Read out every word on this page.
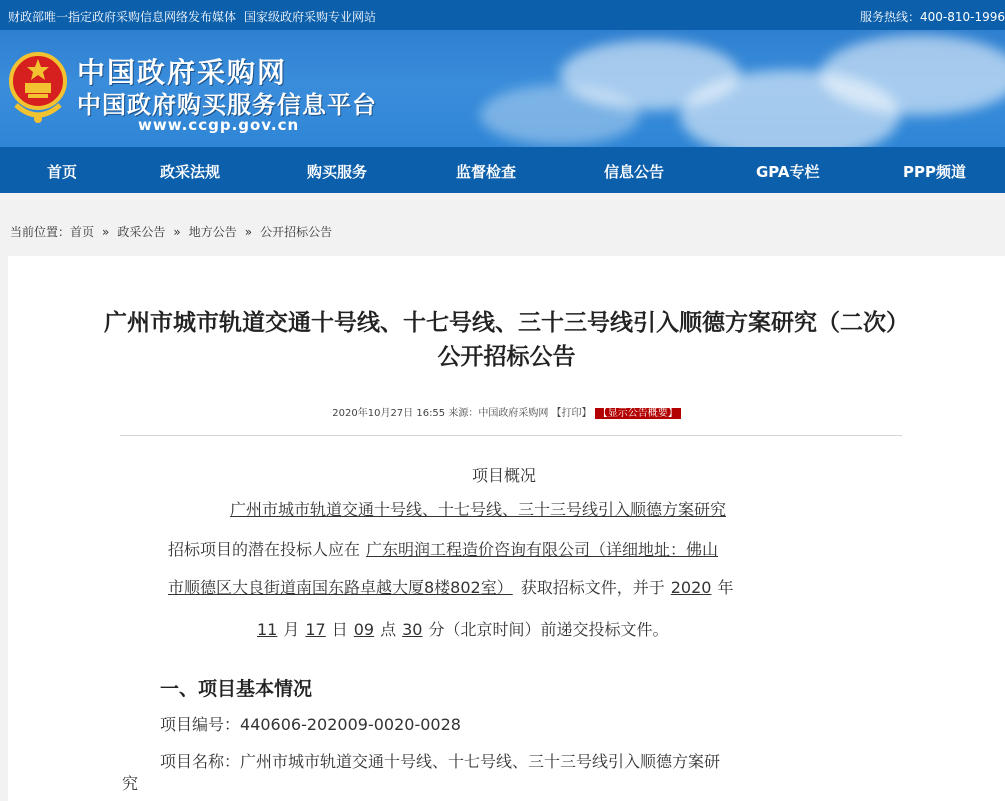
财政部唯一指定政府采购信息网络发布媒体 国家级政府采购专业网站	服务热线：400-810-1996
中国政府采购网
中国政府购买服务信息平台
www.ccgp.gov.cn
首页	政采法规	购买服务	监督检查	信息公告	GPA专栏	PPP频道
当前位置：首页 » 政采公告 » 地方公告 » 公开招标公告
广州市城市轨道交通十号线、十七号线、三十三号线引入顺德方案研究（二次）
公开招标公告
2020年10月27日 16:55 来源：中国政府采购网 【打印】 【显示公告概要】
项目概况
广州市城市轨道交通十号线、十七号线、三十三号线引入顺德方案研究
招标项目的潜在投标人应在 广东明润工程造价咨询有限公司（详细地址：佛山
市顺德区大良街道南国东路卓越大厦8楼802室） 获取招标文件，并于 2020 年
11 月 17 日 09 点 30 分（北京时间）前递交投标文件。
一、项目基本情况
项目编号：440606-202009-0020-0028
项目名称：广州市城市轨道交通十号线、十七号线、三十三号线引入顺德方案研
究
